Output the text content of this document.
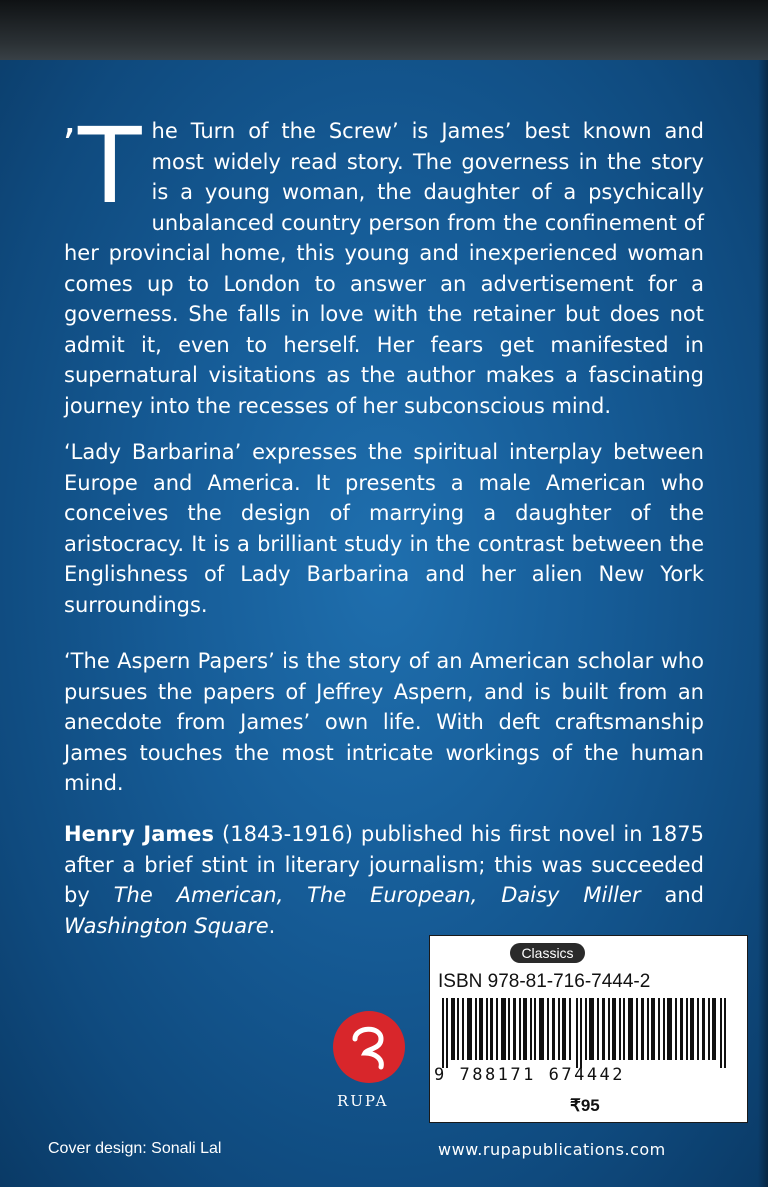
’T he Turn of the Screw’ is James’ best known and most widely read story. The governess in the story is a young woman, the daughter of a psychically unbalanced country person from the confinement of her provincial home, this young and inexperienced woman comes up to London to answer an advertisement for a governess. She falls in love with the retainer but does not admit it, even to herself. Her fears get manifested in supernatural visitations as the author makes a fascinating journey into the recesses of her subconscious mind.
‘Lady Barbarina’ expresses the spiritual interplay between Europe and America. It presents a male American who conceives the design of marrying a daughter of the aristocracy. It is a brilliant study in the contrast between the Englishness of Lady Barbarina and her alien New York surroundings.
‘The Aspern Papers’ is the story of an American scholar who pursues the papers of Jeffrey Aspern, and is built from an anecdote from James’ own life. With deft craftsmanship James touches the most intricate workings of the human mind.
Henry James (1843-1916) published his first novel in 1875 after a brief stint in literary journalism; this was succeeded by The American, The European, Daisy Miller and Washington Square.
RUPA
Classics
ISBN 978-81-716-7444-2
9 788171 674442
₹95
Cover design: Sonali Lal	www.rupapublications.com
